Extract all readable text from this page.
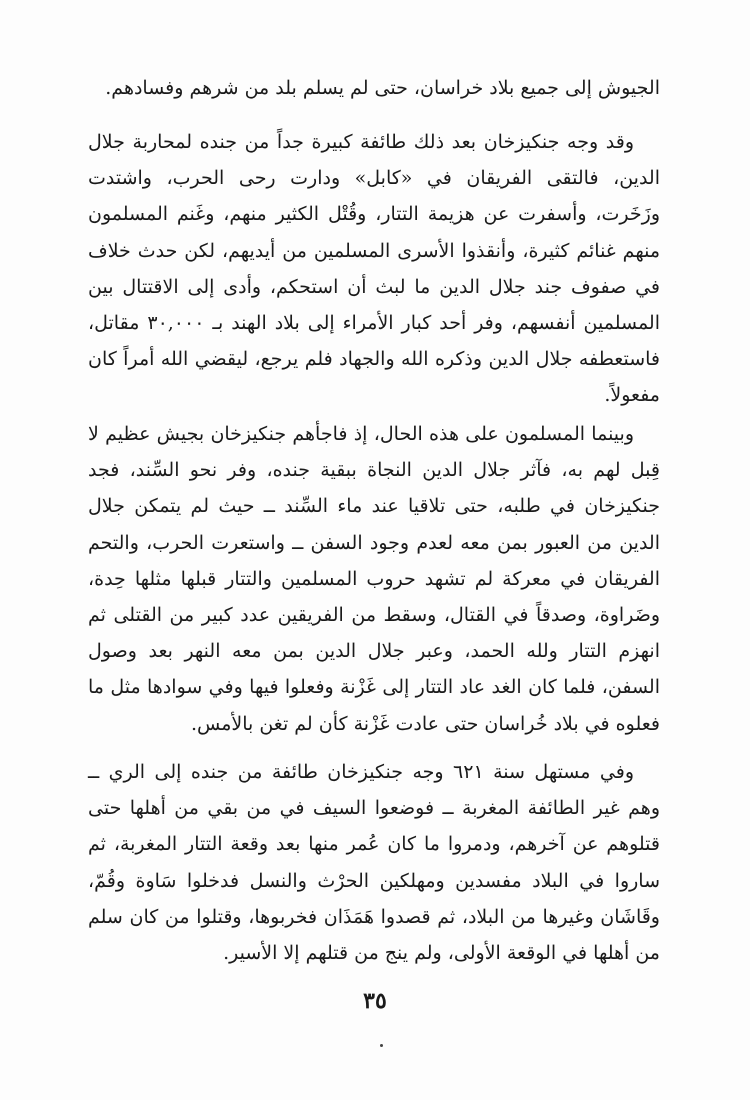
الجيوش إلى جميع بلاد خراسان، حتى لم يسلم بلد من شرهم وفسادهم.

وقد وجه جنكيزخان بعد ذلك طائفة كبيرة جداً من جنده لمحاربة جلال الدين، فالتقى الفريقان في «كابل» ودارت رحى الحرب، واشتدت وزَخَرت، وأسفرت عن هزيمة التتار، وقُتْل الكثير منهم، وغَنم المسلمون منهم غنائم كثيرة، وأنقذوا الأسرى المسلمين من أيديهم، لكن حدث خلاف في صفوف جند جلال الدين ما لبث أن استحكم، وأدى إلى الاقتتال بين المسلمين أنفسهم، وفر أحد كبار الأمراء إلى بلاد الهند بـ ٣٠,٠٠٠ مقاتل، فاستعطفه جلال الدين وذكره الله والجهاد فلم يرجع، ليقضي الله أمراً كان مفعولاً.

وبينما المسلمون على هذه الحال، إذ فاجأهم جنكيزخان بجيش عظيم لا قِبل لهم به، فآثر جلال الدين النجاة ببقية جنده، وفر نحو السِّند، فجد جنكيزخان في طلبه، حتى تلاقيا عند ماء السِّند ــ حيث لم يتمكن جلال الدين من العبور بمن معه لعدم وجود السفن ــ واستعرت الحرب، والتحم الفريقان في معركة لم تشهد حروب المسلمين والتتار قبلها مثلها حِدة، وضَراوة، وصدقاً في القتال، وسقط من الفريقين عدد كبير من القتلى ثم انهزم التتار ولله الحمد، وعبر جلال الدين بمن معه النهر بعد وصول السفن، فلما كان الغد عاد التتار إلى غَزْنة وفعلوا فيها وفي سوادها مثل ما فعلوه في بلاد خُراسان حتى عادت غَزْنة كأن لم تغن بالأمس.

وفي مستهل سنة ٦٢١ وجه جنكيزخان طائفة من جنده إلى الري ــ وهم غير الطائفة المغربة ــ فوضعوا السيف في من بقي من أهلها حتى قتلوهم عن آخرهم، ودمروا ما كان عُمر منها بعد وقعة التتار المغربة، ثم ساروا في البلاد مفسدين ومهلكين الحرْث والنسل فدخلوا سَاوة وقُمّ، وقَاشَان وغيرها من البلاد، ثم قصدوا هَمَذَان فخربوها، وقتلوا من كان سلم من أهلها في الوقعة الأولى، ولم ينج من قتلهم إلا الأسير.

٣٥
